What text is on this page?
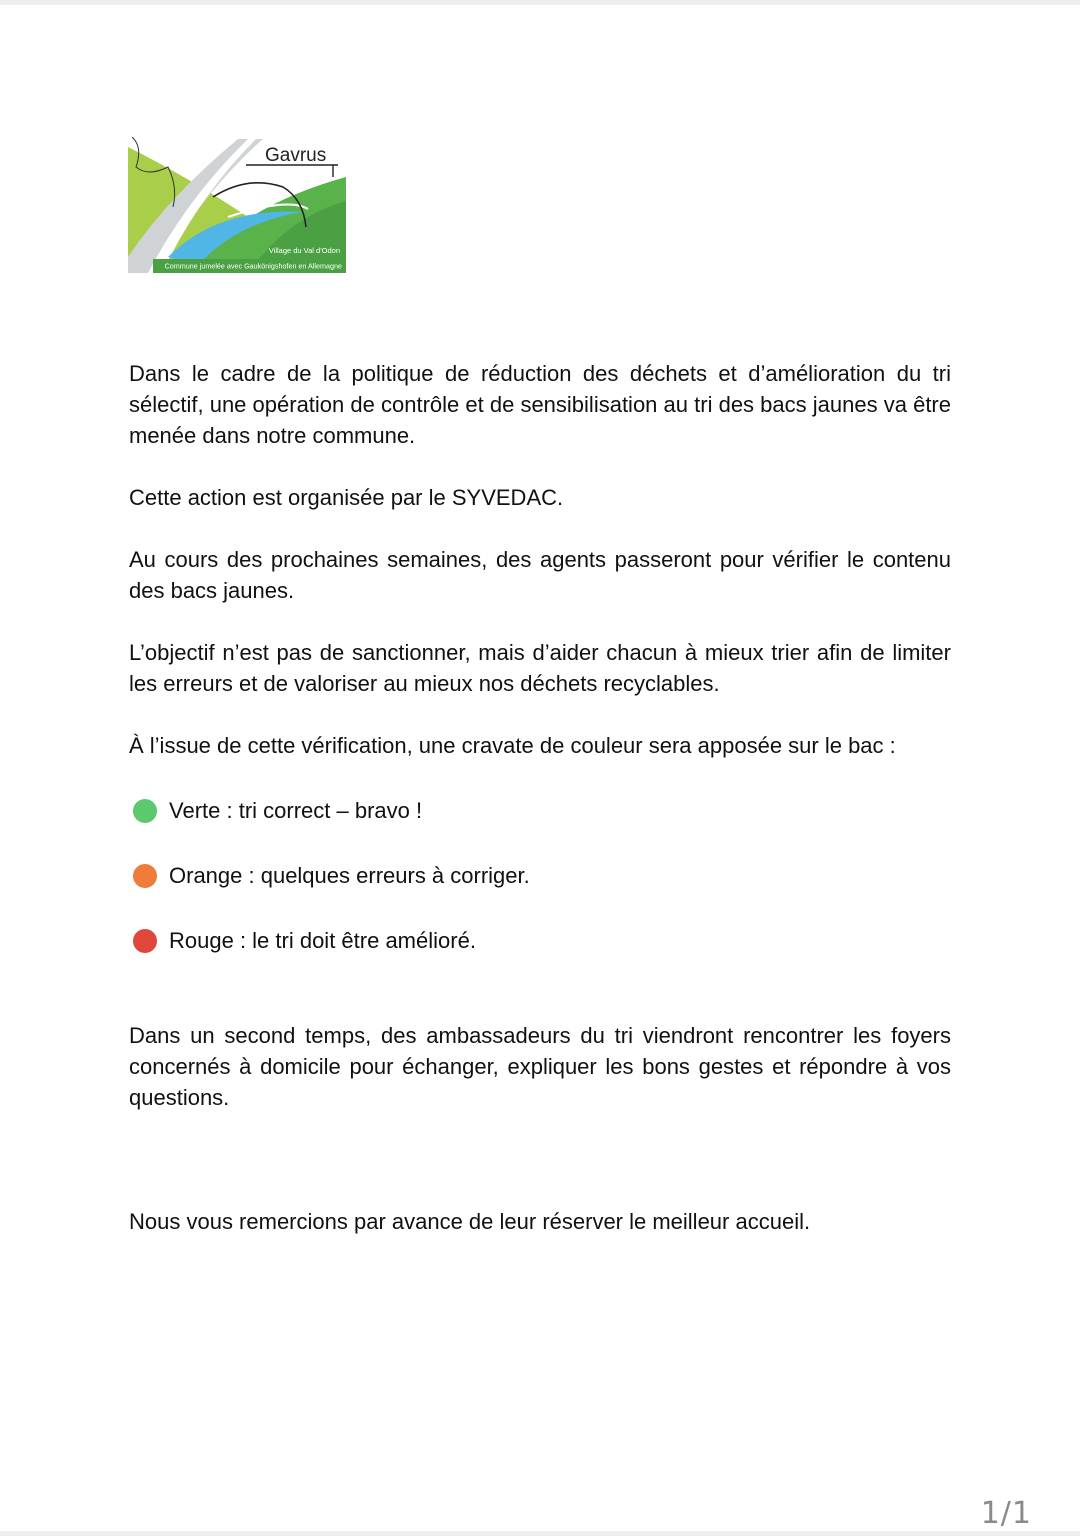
Gavrus
Village du Val d'Odon
Commune jumelée avec Gaukönigshofen en Allemagne

Dans le cadre de la politique de réduction des déchets et d’amélioration du tri sélectif, une opération de contrôle et de sensibilisation au tri des bacs jaunes va être menée dans notre commune.

Cette action est organisée par le SYVEDAC.

Au cours des prochaines semaines, des agents passeront pour vérifier le contenu des bacs jaunes.

L’objectif n’est pas de sanctionner, mais d’aider chacun à mieux trier afin de limiter les erreurs et de valoriser au mieux nos déchets recyclables.

À l’issue de cette vérification, une cravate de couleur sera apposée sur le bac :

Verte : tri correct – bravo !
Orange : quelques erreurs à corriger.
Rouge : le tri doit être amélioré.

Dans un second temps, des ambassadeurs du tri viendront rencontrer les foyers concernés à domicile pour échanger, expliquer les bons gestes et répondre à vos questions.

Nous vous remercions par avance de leur réserver le meilleur accueil.

1/1
